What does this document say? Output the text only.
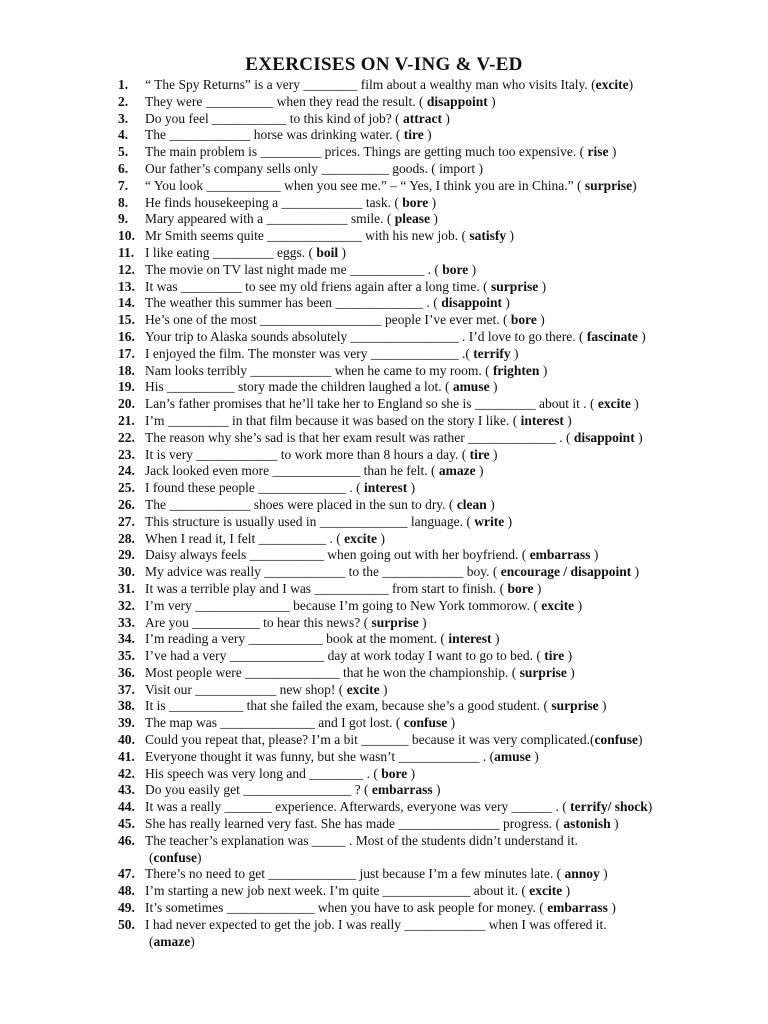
EXERCISES ON V-ING & V-ED
1.	“ The Spy Returns” is a very ________ film about a wealthy man who visits Italy. (excite)
2.	They were __________ when they read the result. ( disappoint )
3.	Do you feel ___________ to this kind of job? ( attract )
4.	The ____________ horse was drinking water. ( tire )
5.	The main problem is _________ prices. Things are getting much too expensive. ( rise )
6.	Our father’s company sells only __________ goods. ( import )
7.	“ You look ___________ when you see me.” – “ Yes, I think you are in China.” ( surprise)
8.	He finds housekeeping a ____________ task. ( bore )
9.	Mary appeared with a ____________ smile. ( please )
10. Mr Smith seems quite ______________ with his new job. ( satisfy )
11. I like eating _________ eggs. ( boil )
12. The movie on TV last night made me ___________ . ( bore )
13. It was _________ to see my old friens again after a long time. ( surprise )
14. The weather this summer has been _____________ . ( disappoint )
15. He’s one of the most __________________ people I’ve ever met. ( bore )
16. Your trip to Alaska sounds absolutely ________________ . I’d love to go there. ( fascinate )
17. I enjoyed the film. The monster was very _____________ .( terrify )
18. Nam looks terribly ____________ when he came to my room. ( frighten )
19. His __________ story made the children laughed a lot. ( amuse )
20. Lan’s father promises that he’ll take her to England so she is _________ about it . ( excite )
21. I’m _________ in that film because it was based on the story I like. ( interest )
22. The reason why she’s sad is that her exam result was rather _____________ . ( disappoint )
23. It is very ____________ to work more than 8 hours a day. ( tire )
24. Jack looked even more _____________ than he felt. ( amaze )
25. I found these people _____________ . ( interest )
26. The ____________ shoes were placed in the sun to dry. ( clean )
27. This structure is usually used in _____________ language. ( write )
28. When I read it, I felt __________ . ( excite )
29. Daisy always feels ___________ when going out with her boyfriend. ( embarrass )
30. My advice was really ____________ to the ____________ boy. ( encourage / disappoint )
31. It was a terrible play and I was ___________ from start to finish. ( bore )
32. I’m very ______________ because I’m going to New York tommorow. ( excite )
33. Are you __________ to hear this news? ( surprise )
34. I’m reading a very ___________ book at the moment. ( interest )
35. I’ve had a very ______________ day at work today I want to go to bed. ( tire )
36. Most people were ______________ that he won the championship. ( surprise )
37. Visit our ____________ new shop! ( excite )
38. It is ___________ that she failed the exam, because she’s a good student. ( surprise )
39. The map was ______________ and I got lost. ( confuse )
40. Could you repeat that, please? I’m a bit _______ because it was very complicated.(confuse)
41. Everyone thought it was funny, but she wasn’t ____________ . (amuse )
42. His speech was very long and ________ . ( bore )
43. Do you easily get ________________ ? ( embarrass )
44. It was a really _______ experience. Afterwards, everyone was very ______ . ( terrify/ shock)
45. She has really learned very fast. She has made _______________ progress. ( astonish )
46. The teacher’s explanation was _____ . Most of the students didn’t understand it.
(confuse)
47. There’s no need to get _____________ just because I’m a few minutes late. ( annoy )
48. I’m starting a new job next week. I’m quite _____________ about it. ( excite )
49. It’s sometimes _____________ when you have to ask people for money. ( embarrass )
50. I had never expected to get the job. I was really ____________ when I was offered it.
(amaze)
